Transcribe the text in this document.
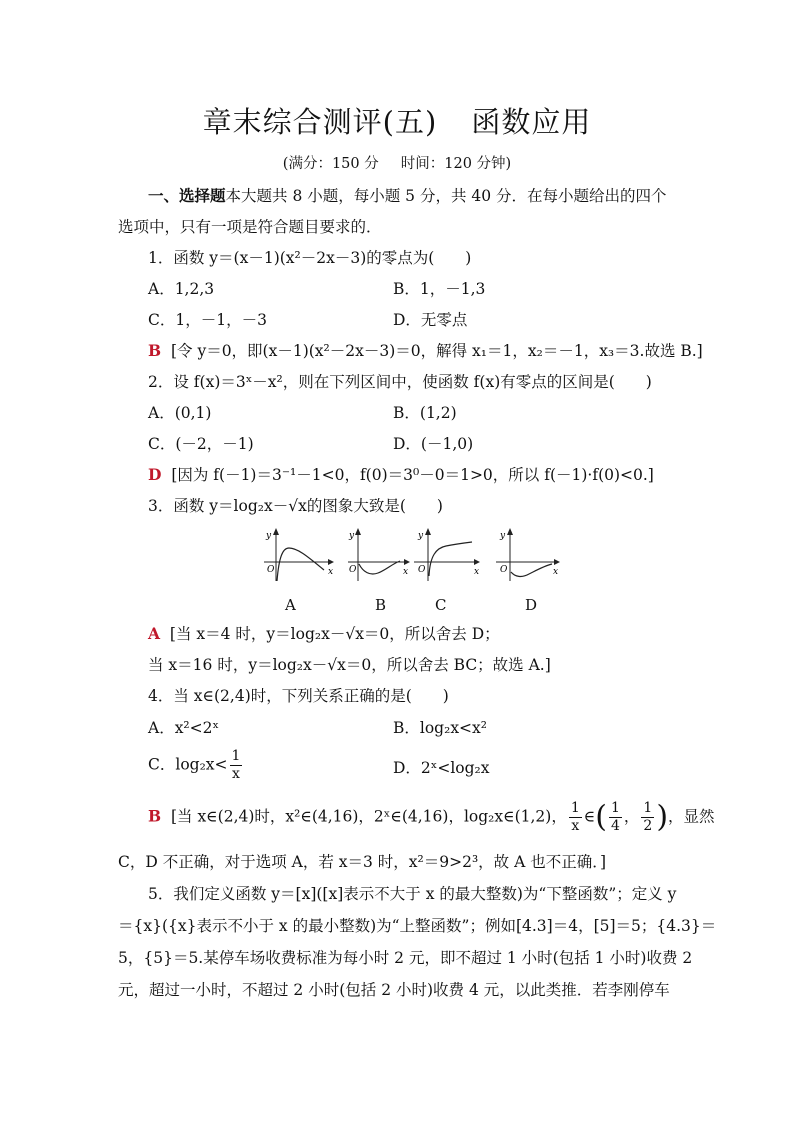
章末综合测评(五) 函数应用
(满分：150 分 时间：120 分钟)
一、选择题本大题共 8 小题，每小题 5 分，共 40 分．在每小题给出的四个
选项中，只有一项是符合题目要求的．
1．函数 y＝(x－1)(x²－2x－3)的零点为(　　)
A．1,2,3	B．1，－1,3
C．1，－1，－3	D．无零点
B [令 y＝0，即(x－1)(x²－2x－3)＝0，解得 x₁＝1，x₂＝－1，x₃＝3.故选 B.]
2．设 f(x)＝3ˣ－x²，则在下列区间中，使函数 f(x)有零点的区间是(　　)
A．(0,1)	B．(1,2)
C．(－2，－1)	D．(－1,0)
D [因为 f(－1)＝3⁻¹－1<0，f(0)＝3⁰－0＝1>0，所以 f(－1)·f(0)<0.]
3．函数 y＝log₂x－√x的图象大致是(　　)
y
x
O
y
x
O
y
x
O
y
x
O
A	B	C	D
A [当 x＝4 时，y＝log₂x－√x＝0，所以舍去 D；
当 x＝16 时，y＝log₂x－√x＝0，所以舍去 BC；故选 A.]
4．当 x∈(2,4)时，下列关系正确的是(　　)
A．x²<2ˣ	B．log₂x<x²
C．$\log_2x< \frac{1}{x}$	D．2ˣ<log₂x
B [当 x∈(2,4)时，x²∈(4,16)，2ˣ∈(4,16)，log₂x∈(1,2)， $\frac{1}{x}$ ∈( $\frac{1}{4}$ ， $\frac{1}{2}$ )，显然
C，D 不正确，对于选项 A，若 x＝3 时，x²＝9>2³，故 A 也不正确．]
5．我们定义函数 y＝[x]([x]表示不大于 x 的最大整数)为“下整函数”；定义 y
＝{x}({x}表示不小于 x 的最小整数)为“上整函数”；例如[4.3]＝4，[5]＝5；{4.3}＝
5，{5}＝5.某停车场收费标准为每小时 2 元，即不超过 1 小时(包括 1 小时)收费 2
元，超过一小时，不超过 2 小时(包括 2 小时)收费 4 元，以此类推．若李刚停车
